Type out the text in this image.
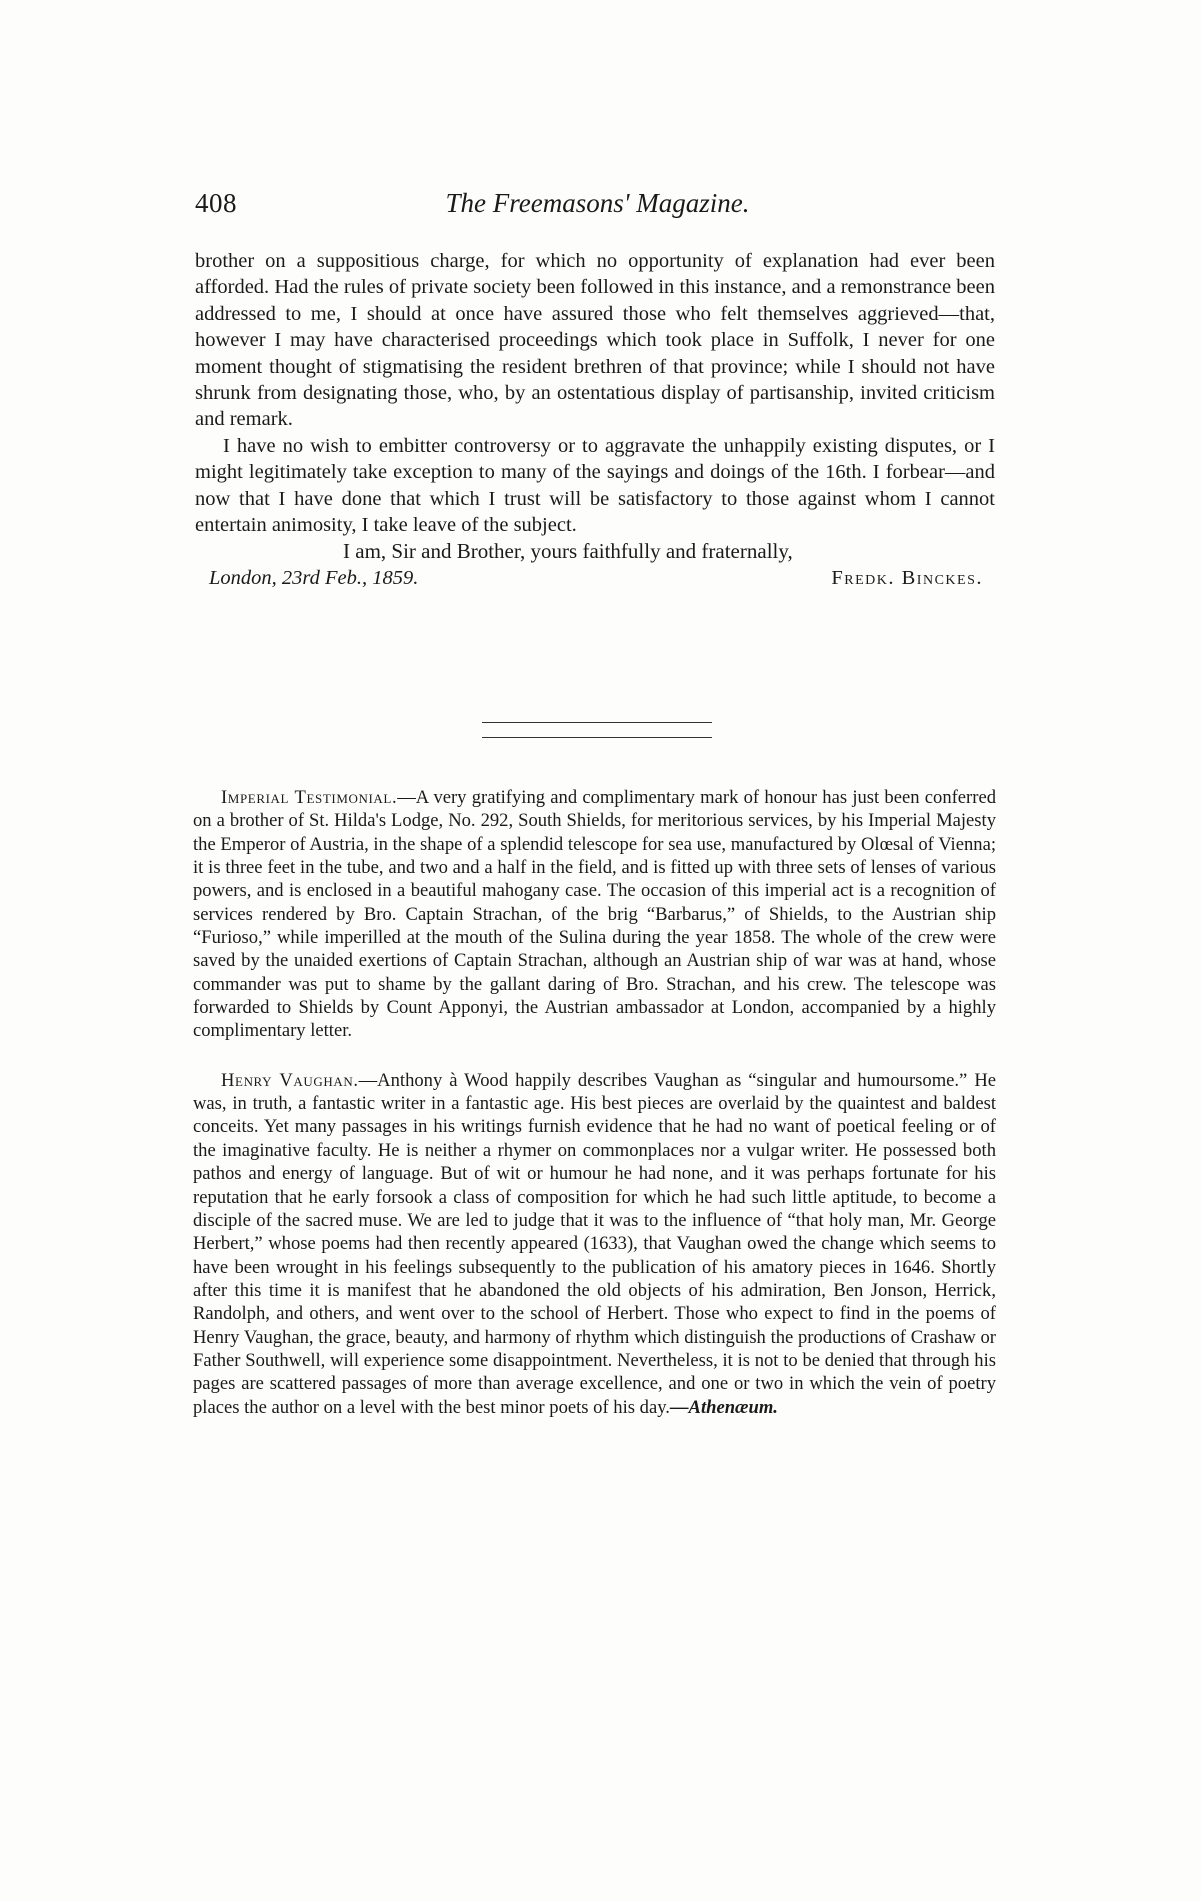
408	The Freemasons' Magazine.

brother on a suppositious charge, for which no opportunity of explanation had ever been afforded. Had the rules of private society been followed in this instance, and a remonstrance been addressed to me, I should at once have assured those who felt themselves aggrieved—that, however I may have characterised proceedings which took place in Suffolk, I never for one moment thought of stigmatising the resident brethren of that province; while I should not have shrunk from designating those, who, by an ostentatious display of partisanship, invited criticism and remark.

I have no wish to embitter controversy or to aggravate the unhappily existing disputes, or I might legitimately take exception to many of the sayings and doings of the 16th. I forbear—and now that I have done that which I trust will be satisfactory to those against whom I cannot entertain animosity, I take leave of the subject.

I am, Sir and Brother, yours faithfully and fraternally,

London, 23rd Feb., 1859.	Fredk. Binckes.

Imperial Testimonial.—A very gratifying and complimentary mark of honour has just been conferred on a brother of St. Hilda's Lodge, No. 292, South Shields, for meritorious services, by his Imperial Majesty the Emperor of Austria, in the shape of a splendid telescope for sea use, manufactured by Olœsal of Vienna; it is three feet in the tube, and two and a half in the field, and is fitted up with three sets of lenses of various powers, and is enclosed in a beautiful mahogany case. The occasion of this imperial act is a recognition of services rendered by Bro. Captain Strachan, of the brig “Barbarus,” of Shields, to the Austrian ship “Furioso,” while imperilled at the mouth of the Sulina during the year 1858. The whole of the crew were saved by the unaided exertions of Captain Strachan, although an Austrian ship of war was at hand, whose commander was put to shame by the gallant daring of Bro. Strachan, and his crew. The telescope was forwarded to Shields by Count Apponyi, the Austrian ambassador at London, accompanied by a highly complimentary letter.

Henry Vaughan.—Anthony à Wood happily describes Vaughan as “singular and humoursome.” He was, in truth, a fantastic writer in a fantastic age. His best pieces are overlaid by the quaintest and baldest conceits. Yet many passages in his writings furnish evidence that he had no want of poetical feeling or of the imaginative faculty. He is neither a rhymer on commonplaces nor a vulgar writer. He possessed both pathos and energy of language. But of wit or humour he had none, and it was perhaps fortunate for his reputation that he early forsook a class of composition for which he had such little aptitude, to become a disciple of the sacred muse. We are led to judge that it was to the influence of “that holy man, Mr. George Herbert,” whose poems had then recently appeared (1633), that Vaughan owed the change which seems to have been wrought in his feelings subsequently to the publication of his amatory pieces in 1646. Shortly after this time it is manifest that he abandoned the old objects of his admiration, Ben Jonson, Herrick, Randolph, and others, and went over to the school of Herbert. Those who expect to find in the poems of Henry Vaughan, the grace, beauty, and harmony of rhythm which distinguish the productions of Crashaw or Father Southwell, will experience some disappointment. Nevertheless, it is not to be denied that through his pages are scattered passages of more than average excellence, and one or two in which the vein of poetry places the author on a level with the best minor poets of his day.—Athenæum.
